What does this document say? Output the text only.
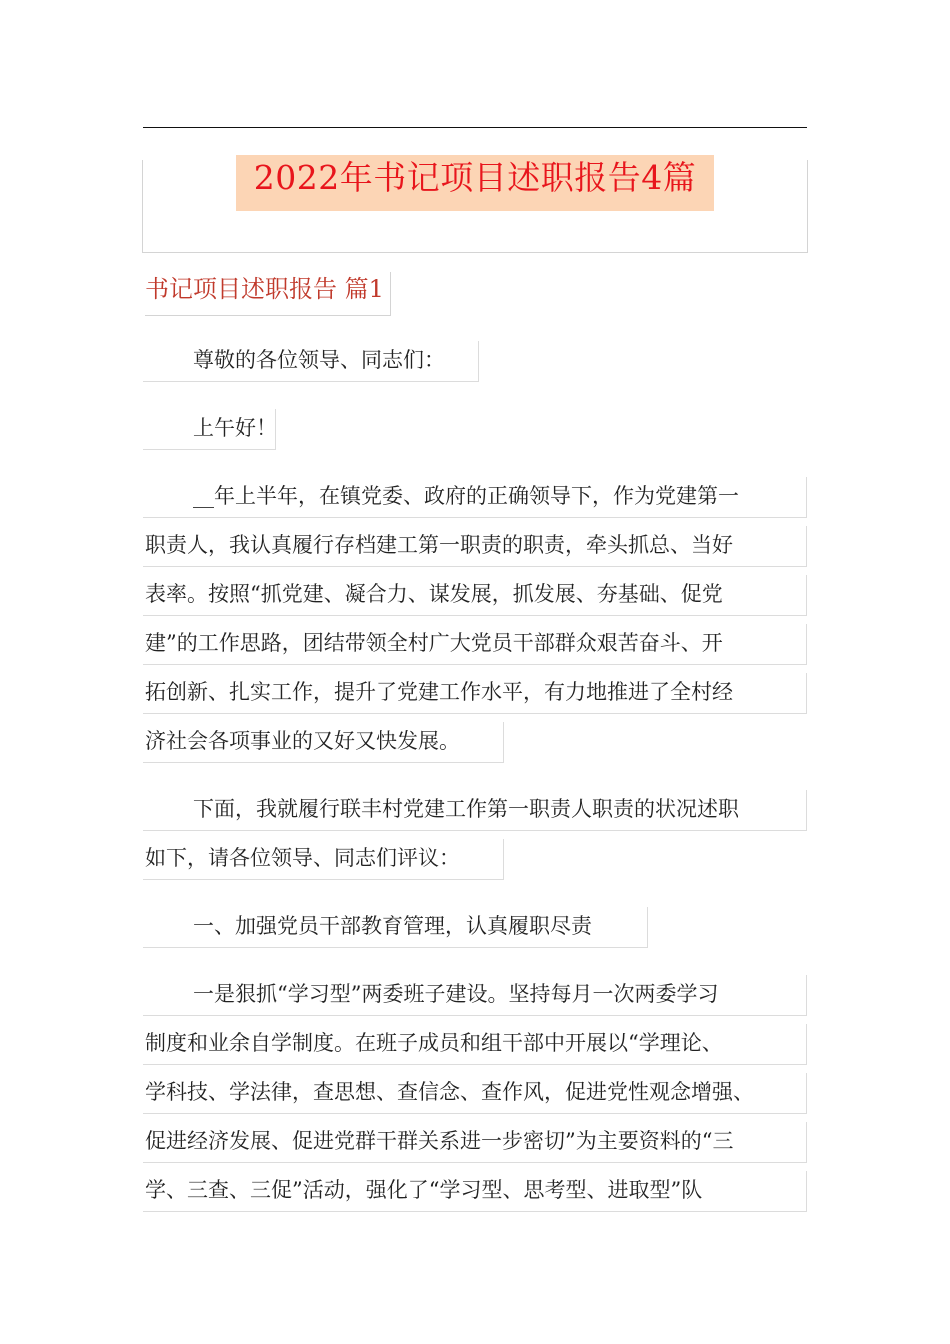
2022年书记项目述职报告4篇
书记项目述职报告 篇1
尊敬的各位领导、同志们：
上午好！
__年上半年，在镇党委、政府的正确领导下，作为党建第一
职责人，我认真履行存档建工第一职责的职责，牵头抓总、当好
表率。按照“抓党建、凝合力、谋发展，抓发展、夯基础、促党
建”的工作思路，团结带领全村广大党员干部群众艰苦奋斗、开
拓创新、扎实工作，提升了党建工作水平，有力地推进了全村经
济社会各项事业的又好又快发展。
下面，我就履行联丰村党建工作第一职责人职责的状况述职
如下，请各位领导、同志们评议：
一、加强党员干部教育管理，认真履职尽责
一是狠抓“学习型”两委班子建设。坚持每月一次两委学习
制度和业余自学制度。在班子成员和组干部中开展以“学理论、
学科技、学法律，查思想、查信念、查作风，促进党性观念增强、
促进经济发展、促进党群干群关系进一步密切”为主要资料的“三
学、三查、三促”活动，强化了“学习型、思考型、进取型”队
